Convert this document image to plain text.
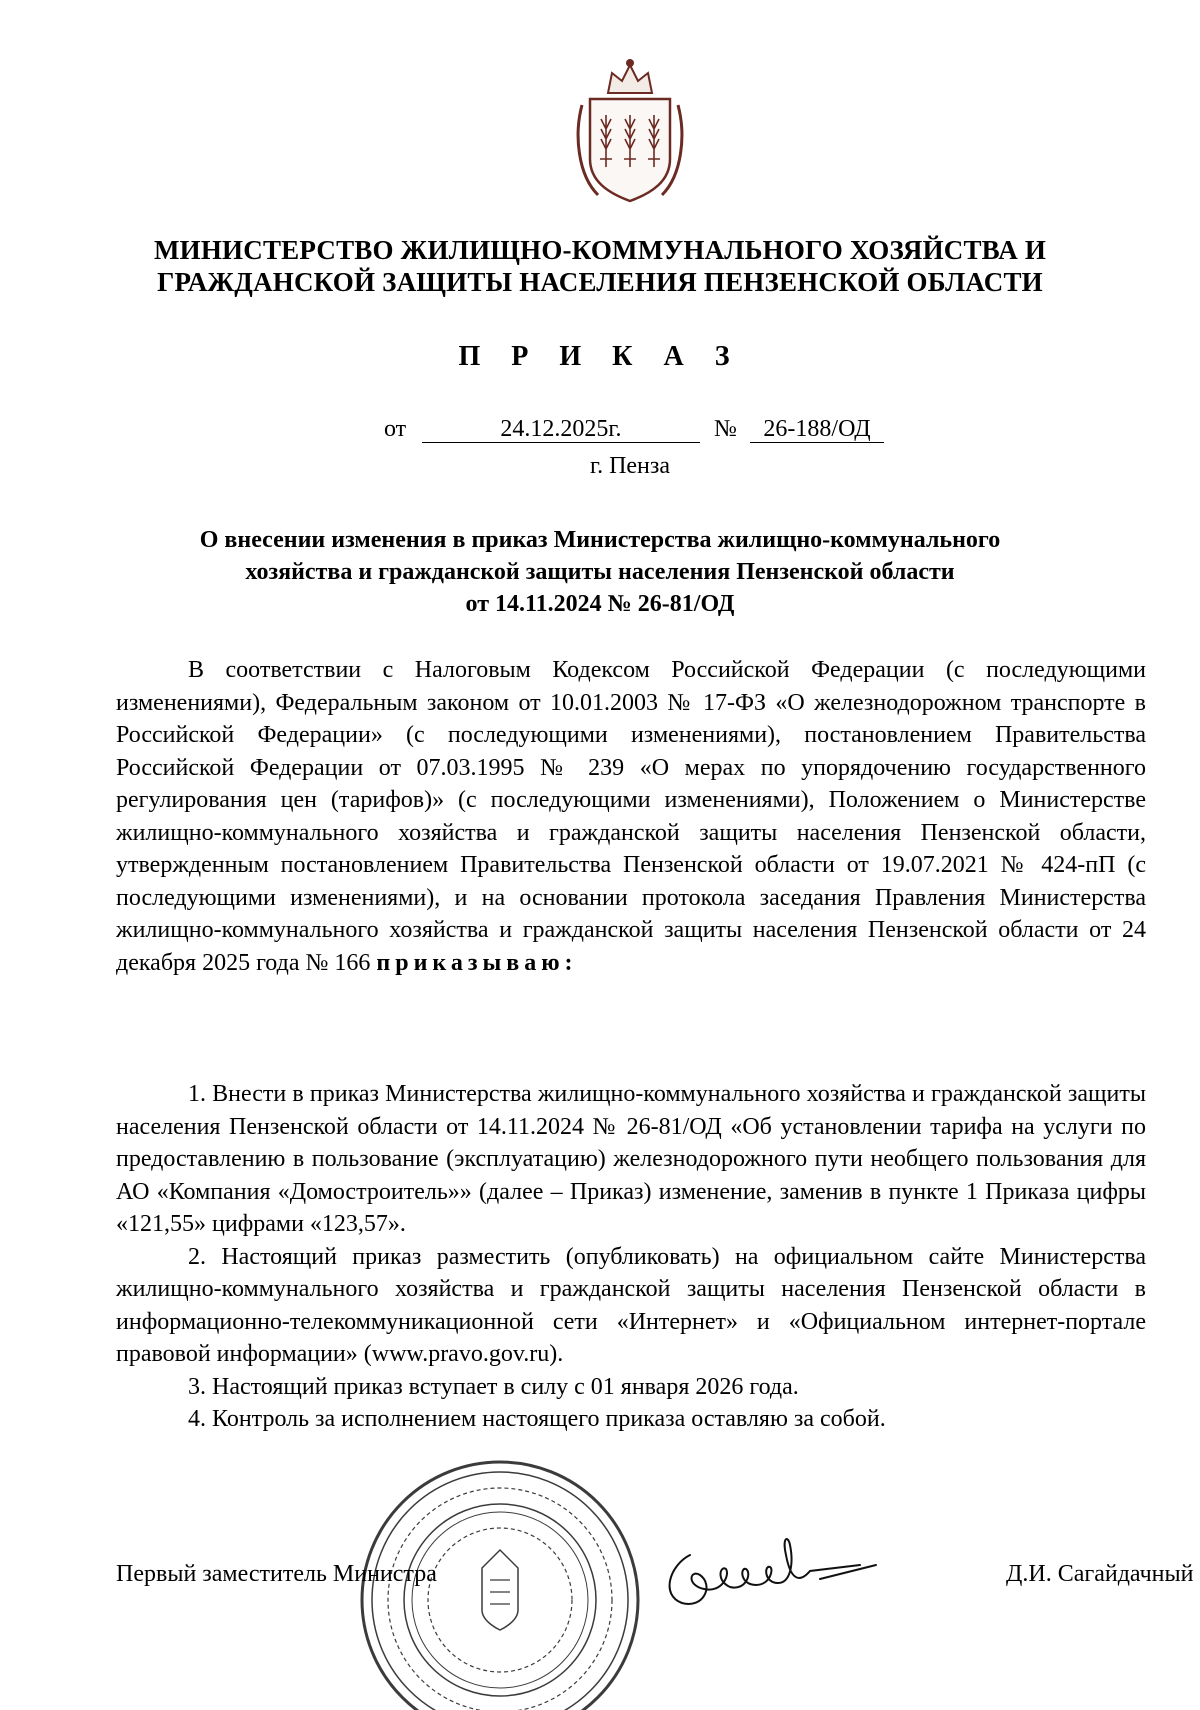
МИНИСТЕРСТВО ЖИЛИЩНО-КОММУНАЛЬНОГО ХОЗЯЙСТВА И
ГРАЖДАНСКОЙ ЗАЩИТЫ НАСЕЛЕНИЯ ПЕНЗЕНСКОЙ ОБЛАСТИ
П Р И К А З
от	24.12.2025г.	№	26-188/ОД
г. Пенза
О внесении изменения в приказ Министерства жилищно-коммунального
хозяйства и гражданской защиты населения Пензенской области
от 14.11.2024 № 26-81/ОД

В соответствии с Налоговым Кодексом Российской Федерации (с последующими изменениями), Федеральным законом от 10.01.2003 № 17-ФЗ «О железнодорожном транспорте в Российской Федерации» (с последующими изменениями), постановлением Правительства Российской Федерации от 07.03.1995 № 239 «О мерах по упорядочению государственного регулирования цен (тарифов)» (с последующими изменениями), Положением о Министерстве жилищно-коммунального хозяйства и гражданской защиты населения Пензенской области, утвержденным постановлением Правительства Пензенской области от 19.07.2021 № 424-пП (с последующими изменениями), и на основании протокола заседания Правления Министерства жилищно-коммунального хозяйства и гражданской защиты населения Пензенской области от 24 декабря 2025 года № 166 приказываю:

1. Внести в приказ Министерства жилищно-коммунального хозяйства и гражданской защиты населения Пензенской области от 14.11.2024 № 26-81/ОД «Об установлении тарифа на услуги по предоставлению в пользование (эксплуатацию) железнодорожного пути необщего пользования для АО «Компания «Домостроитель»» (далее – Приказ) изменение, заменив в пункте 1 Приказа цифры «121,55» цифрами «123,57».

2. Настоящий приказ разместить (опубликовать) на официальном сайте Министерства жилищно-коммунального хозяйства и гражданской защиты населения Пензенской области в информационно-телекоммуникационной сети «Интернет» и «Официальном интернет-портале правовой информации» (www.pravo.gov.ru).

3. Настоящий приказ вступает в силу с 01 января 2026 года.

4. Контроль за исполнением настоящего приказа оставляю за собой.

Первый заместитель Министра	Д.И. Сагайдачный
